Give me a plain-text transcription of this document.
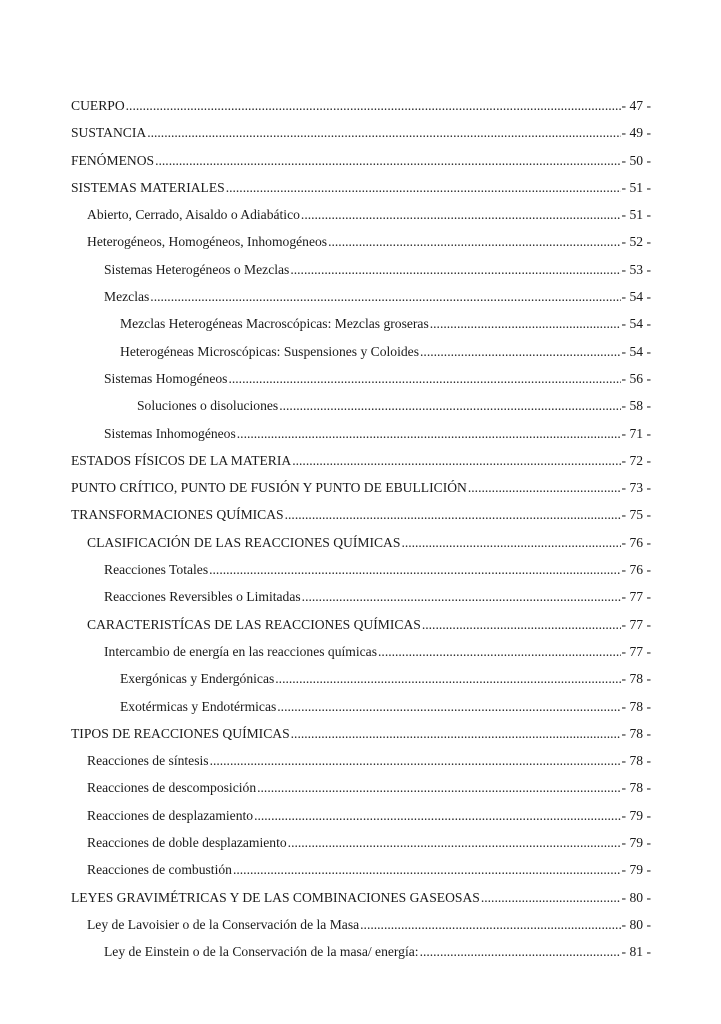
CUERPO .....	- 47 -
SUSTANCIA .....	- 49 -
FENÓMENOS .....	- 50 -
SISTEMAS MATERIALES .....	- 51 -
Abierto, Cerrado, Aisaldo o Adiabático .....	- 51 -
Heterogéneos, Homogéneos, Inhomogéneos .....	- 52 -
Sistemas Heterogéneos o Mezclas .....	- 53 -
Mezclas .....	- 54 -
Mezclas Heterogéneas Macroscópicas: Mezclas groseras .....	- 54 -
Heterogéneas Microscópicas: Suspensiones y Coloides .....	- 54 -
Sistemas Homogéneos .....	- 56 -
Soluciones o disoluciones .....	- 58 -
Sistemas Inhomogéneos .....	- 71 -
ESTADOS FÍSICOS DE LA MATERIA .....	- 72 -
PUNTO CRÍTICO, PUNTO DE FUSIÓN Y PUNTO DE EBULLICIÓN .....	- 73 -
TRANSFORMACIONES QUÍMICAS .....	- 75 -
CLASIFICACIÓN DE LAS REACCIONES QUÍMICAS .....	- 76 -
Reacciones Totales .....	- 76 -
Reacciones Reversibles o Limitadas .....	- 77 -
CARACTERISTÍCAS DE LAS REACCIONES QUÍMICAS .....	- 77 -
Intercambio de energía en las reacciones químicas .....	- 77 -
Exergónicas y Endergónicas .....	- 78 -
Exotérmicas y Endotérmicas .....	- 78 -
TIPOS DE REACCIONES QUÍMICAS .....	- 78 -
Reacciones de síntesis .....	- 78 -
Reacciones de descomposición .....	- 78 -
Reacciones de desplazamiento .....	- 79 -
Reacciones de doble desplazamiento .....	- 79 -
Reacciones de combustión .....	- 79 -
LEYES GRAVIMÉTRICAS Y DE LAS COMBINACIONES GASEOSAS .....	- 80 -
Ley de Lavoisier o de la Conservación de la Masa .....	- 80 -
Ley de Einstein o de la Conservación de la masa/ energía: .....	- 81 -
